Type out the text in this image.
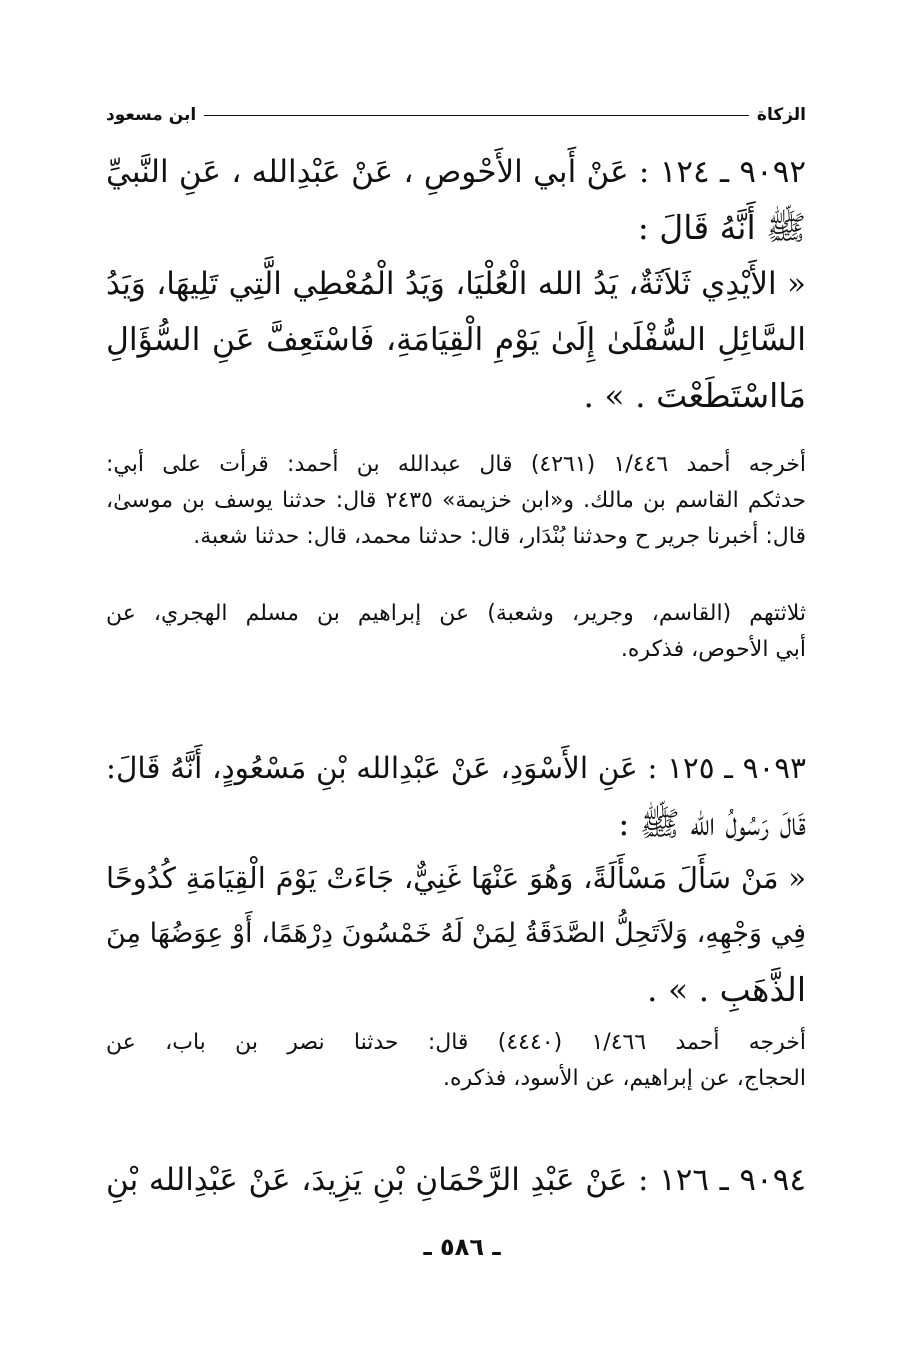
الزكاة
ابن مسعود
٩٠٩٢ ـ ١٢٤ : عَنْ أَبي الأَحْوصِ ، عَنْ عَبْدِالله ، عَنِ النَّبيِّ
ﷺ أَنَّهُ قَالَ :
« الأَيْدِي ثَلاَثَةٌ، يَدُ الله الْعُلْيَا، وَيَدُ الْمُعْطِي الَّتِي تَلِيهَا، وَيَدُ
السَّائِلِ السُّفْلَىٰ إِلَىٰ يَوْمِ الْقِيَامَةِ، فَاسْتَعِفَّ عَنِ السُّؤَالِ
مَااسْتَطَعْتَ . » .
أخرجه أحمد ١/٤٤٦ (٤٢٦١) قال عبدالله بن أحمد: قرأت على أبي:
حدثكم القاسم بن مالك. و«ابن خزيمة» ٢٤٣٥ قال: حدثنا يوسف بن موسىٰ،
قال: أخبرنا جرير ح وحدثنا بُنْدَار، قال: حدثنا محمد، قال: حدثنا شعبة.
ثلاثتهم (القاسم، وجرير، وشعبة) عن إبراهيم بن مسلم الهجري، عن
أبي الأحوص، فذكره.
٩٠٩٣ ـ ١٢٥ : عَنِ الأَسْوَدِ، عَنْ عَبْدِالله بْنِ مَسْعُودٍ، أَنَّهُ قَالَ:
قَالَ رَسُولُ الله ﷺ :
« مَنْ سَأَلَ مَسْأَلَةً، وَهُوَ عَنْهَا غَنِيٌّ، جَاءَتْ يَوْمَ الْقِيَامَةِ كُدُوحًا
فِي وَجْهِهِ، وَلاَتَحِلُّ الصَّدَقَةُ لِمَنْ لَهُ خَمْسُونَ دِرْهَمًا، أَوْ عِوَضُهَا مِنَ
الذَّهَبِ . » .
أخرجه أحمد ١/٤٦٦ (٤٤٤٠) قال: حدثنا نصر بن باب، عن
الحجاج، عن إبراهيم، عن الأسود، فذكره.
٩٠٩٤ ـ ١٢٦ : عَنْ عَبْدِ الرَّحْمَانِ بْنِ يَزِيدَ، عَنْ عَبْدِالله بْنِ
ـ ٥٨٦ ـ
